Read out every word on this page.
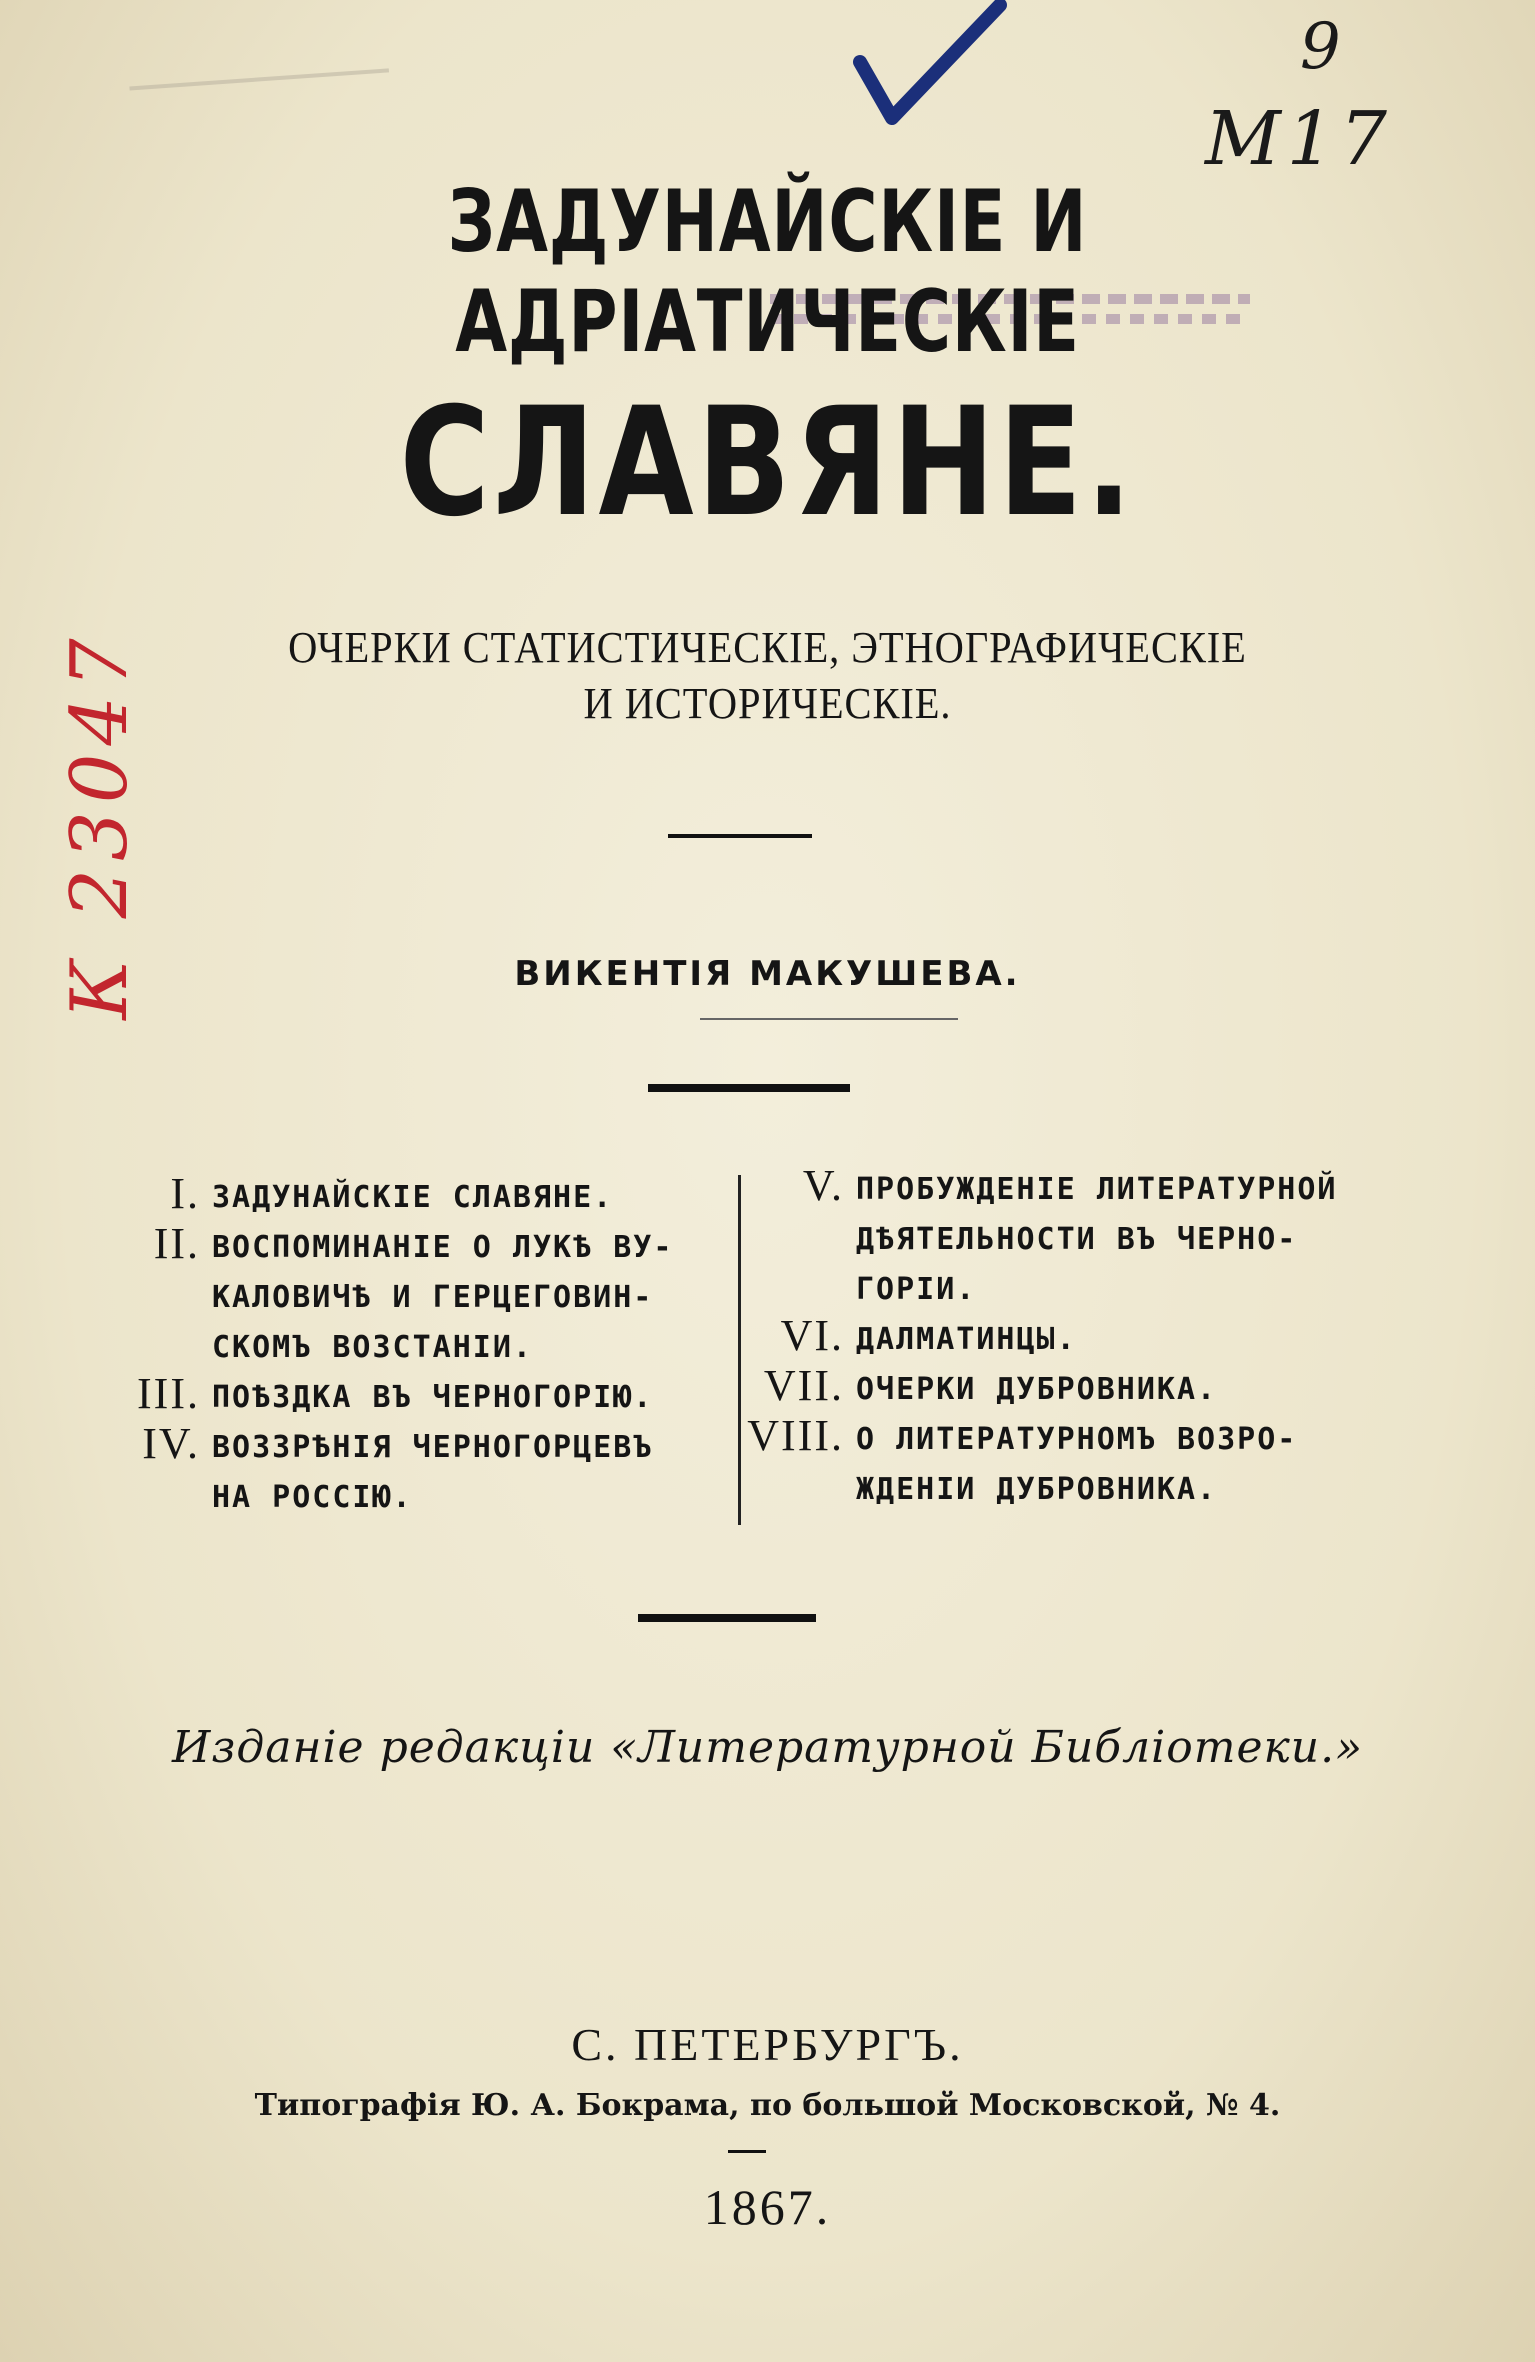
9
М17
К 23047
ЗАДУНАЙСКІЕ И АДРІАТИЧЕСКІЕ
СЛАВЯНЕ.
ОЧЕРКИ СТАТИСТИЧЕСКІЕ, ЭТНОГРАФИЧЕСКІЕ
И ИСТОРИЧЕСКІЕ.
ВИКЕНТІЯ МАКУШЕВА.
I. ЗАДУНАЙСКІЕ СЛАВЯНЕ.
II. ВОСПОМИНАНІЕ О ЛУКѢ ВУ-
КАЛОВИЧѢ И ГЕРЦЕГОВИН-
СКОМЪ ВОЗСТАНІИ.
III. ПОѢЗДКА ВЪ ЧЕРНОГОРІЮ.
IV. ВОЗЗРѢНІЯ ЧЕРНОГОРЦЕВЪ
НА РОССІЮ.
V. ПРОБУЖДЕНІЕ ЛИТЕРАТУРНОЙ
ДѢЯТЕЛЬНОСТИ ВЪ ЧЕРНО-
ГОРІИ.
VI. ДАЛМАТИНЦЫ.
VII. ОЧЕРКИ ДУБРОВНИКА.
VIII. О ЛИТЕРАТУРНОМЪ ВОЗРО-
ЖДЕНІИ ДУБРОВНИКА.
Изданіе редакціи «Литературной Библіотеки.»
С. ПЕТЕРБУРГЪ.
Типографія Ю. А. Бокрама, по большой Московской, № 4.
1867.
